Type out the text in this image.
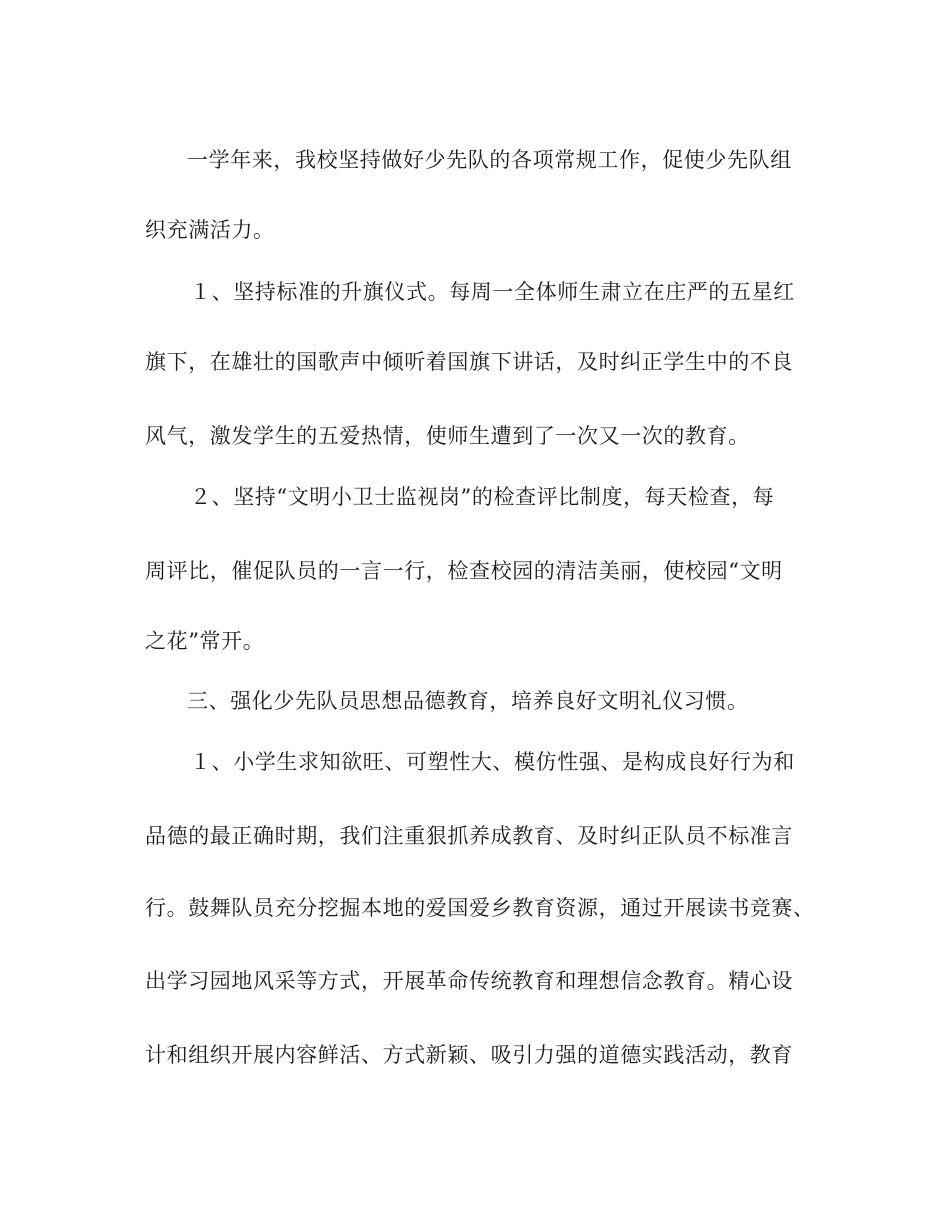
一学年来，我校坚持做好少先队的各项常规工作，促使少先队组
织充满活力。
１、坚持标准的升旗仪式。每周一全体师生肃立在庄严的五星红
旗下，在雄壮的国歌声中倾听着国旗下讲话，及时纠正学生中的不良
风气，激发学生的五爱热情，使师生遭到了一次又一次的教育。
２、坚持“文明小卫士监视岗”的检查评比制度，每天检查，每
周评比，催促队员的一言一行，检查校园的清洁美丽，使校园“文明
之花”常开。
三、强化少先队员思想品德教育，培养良好文明礼仪习惯。
１、小学生求知欲旺、可塑性大、模仿性强、是构成良好行为和
品德的最正确时期，我们注重狠抓养成教育、及时纠正队员不标准言
行。鼓舞队员充分挖掘本地的爱国爱乡教育资源，通过开展读书竞赛、
出学习园地风采等方式，开展革命传统教育和理想信念教育。精心设
计和组织开展内容鲜活、方式新颖、吸引力强的道德实践活动，教育
